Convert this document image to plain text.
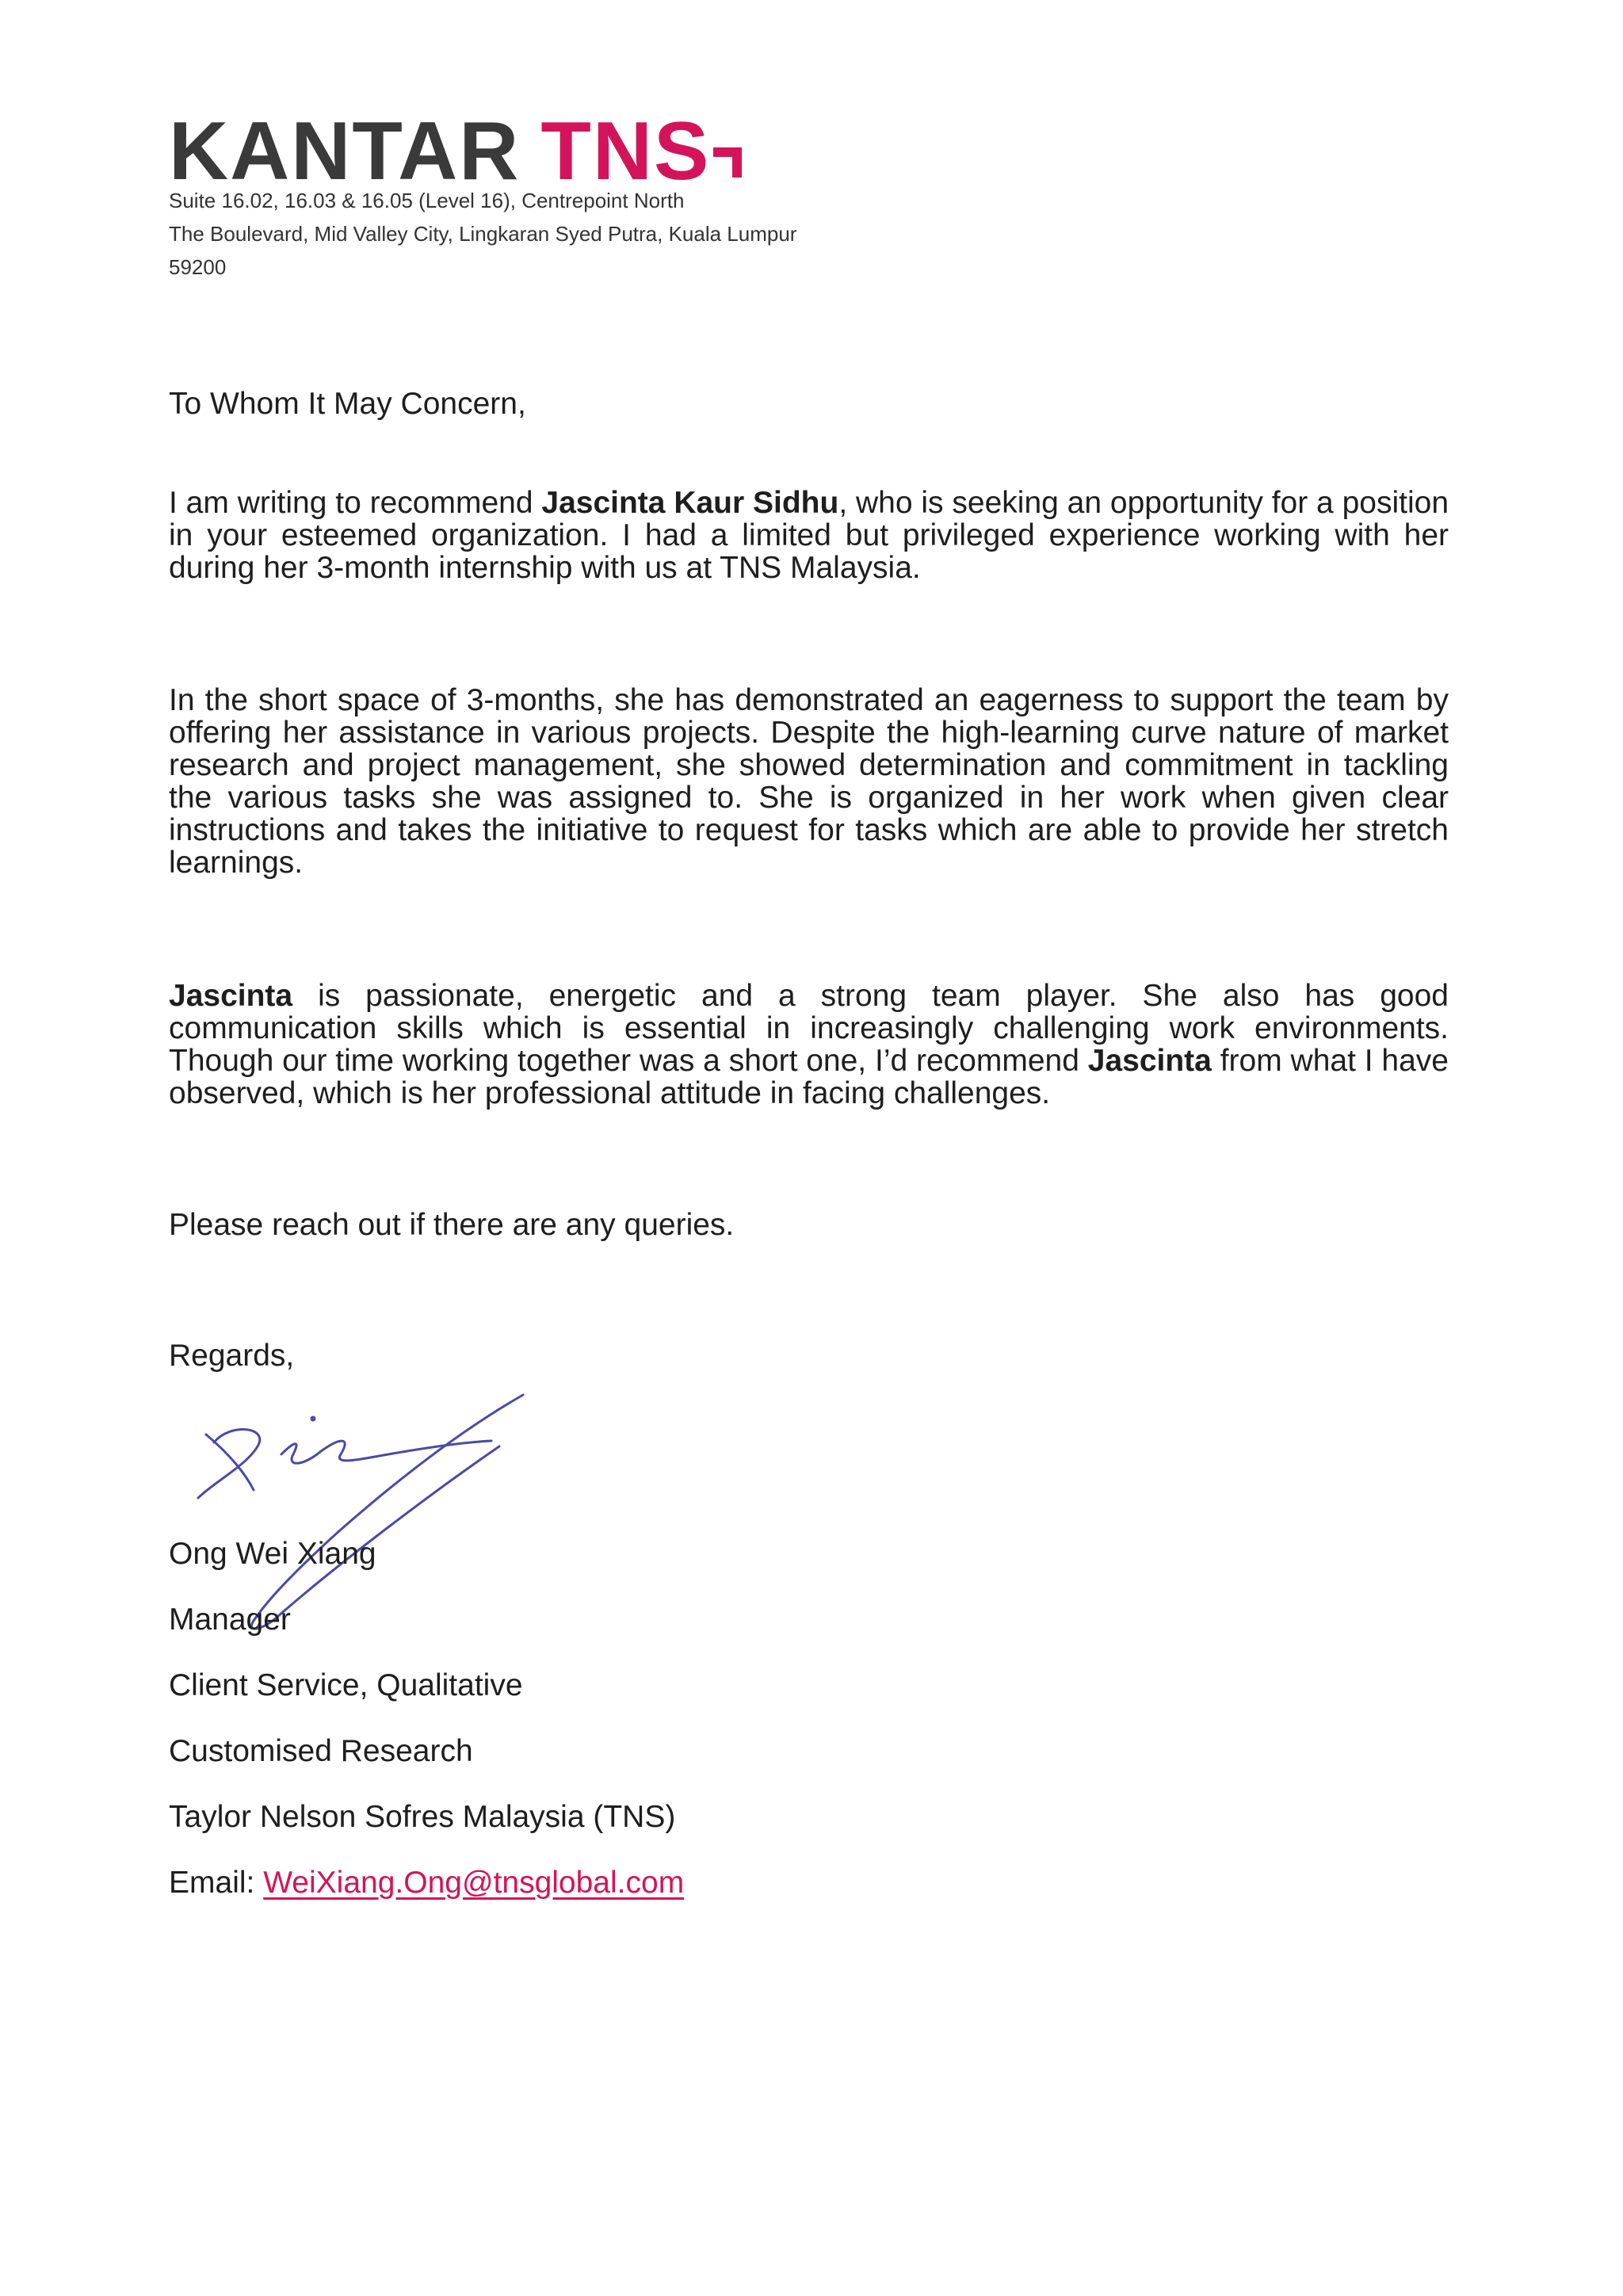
KANTAR TNS
Suite 16.02, 16.03 & 16.05 (Level 16), Centrepoint North
The Boulevard, Mid Valley City, Lingkaran Syed Putra, Kuala Lumpur
59200
To Whom It May Concern,
I am writing to recommend Jascinta Kaur Sidhu, who is seeking an opportunity for a position in your esteemed organization. I had a limited but privileged experience working with her during her 3-month internship with us at TNS Malaysia.
In the short space of 3-months, she has demonstrated an eagerness to support the team by offering her assistance in various projects. Despite the high-learning curve nature of market research and project management, she showed determination and commitment in tackling the various tasks she was assigned to. She is organized in her work when given clear instructions and takes the initiative to request for tasks which are able to provide her stretch learnings.
Jascinta is passionate, energetic and a strong team player. She also has good communication skills which is essential in increasingly challenging work environments. Though our time working together was a short one, I’d recommend Jascinta from what I have observed, which is her professional attitude in facing challenges.
Please reach out if there are any queries.
Regards,
Ong Wei Xiang
Manager
Client Service, Qualitative
Customised Research
Taylor Nelson Sofres Malaysia (TNS)
Email: WeiXiang.Ong@tnsglobal.com
